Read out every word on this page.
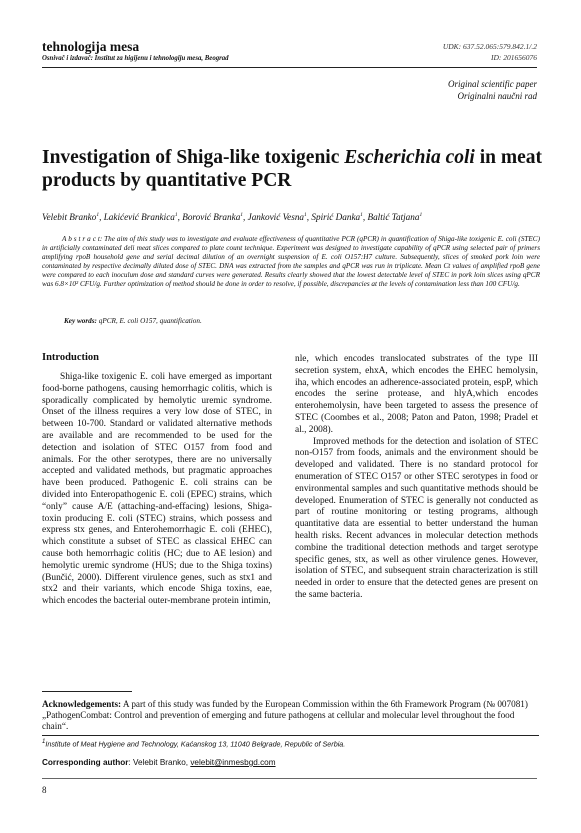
tehnologija mesa
Osnivač i izdavač: Institut za higijenu i tehnologiju mesa, Beograd
UDK: 637.52.065:579.842.1/.2
ID: 201656076
Original scientific paper
Originalni naučni rad
Investigation of Shiga-like toxigenic Escherichia coli in meat products by quantitative PCR
Velebit Branko$^1$, Lakićević Brankica$^1$, Borović Branka$^1$, Janković Vesna$^1$, Spirić Danka$^1$, Baltić Tatjana$^1$
A b s t r a c t: The aim of this study was to investigate and evaluate effectiveness of quantitative PCR (qPCR) in quantification of Shiga-like toxigenic E. coli (STEC) in artificially contaminated deli meat slices compared to plate count technique. Experiment was designed to investigate capability of qPCR using selected pair of primers amplifying rpoB household gene and serial decimal dilution of an overnight suspension of E. coli O157:H7 culture. Subsequently, slices of smoked pork loin were contaminated by respective decimally diluted dose of STEC. DNA was extracted from the samples and qPCR was run in triplicate. Mean Ct values of amplified rpoB gene were compared to each inoculum dose and standard curves were generated. Results clearly showed that the lowest detectable level of STEC in pork loin slices using qPCR was 6.8×10² CFU/g. Further optimization of method should be done in order to resolve, if possible, discrepancies at the levels of contamination less than 100 CFU/g.
Key words: qPCR, E. coli O157, quantification.
Introduction

Shiga-like toxigenic E. coli have emerged as important food-borne pathogens, causing hemorrhagic colitis, which is sporadically complicated by hemolytic uremic syndrome. Onset of the illness requires a very low dose of STEC, in between 10-700. Standard or validated alternative methods are available and are recommended to be used for the detection and isolation of STEC O157 from food and animals. For the other serotypes, there are no universally accepted and validated methods, but pragmatic approaches have been produced. Pathogenic E. coli strains can be divided into Enteropathogenic E. coli (EPEC) strains, which “only” cause A/E (attaching-and-effacing) lesions, Shiga-toxin producing E. coli (STEC) strains, which possess and express stx genes, and Enterohemorrhagic E. coli (EHEC), which constitute a subset of STEC as classical EHEC can cause both hemorrhagic colitis (HC; due to AE lesion) and hemolytic uremic syndrome (HUS; due to the Shiga toxins) (Bunčić, 2000). Different virulence genes, such as stx1 and stx2 and their variants, which encode Shiga toxins, eae, which encodes the bacterial outer-membrane protein intimin,

nle, which encodes translocated substrates of the type III secretion system, ehxA, which encodes the EHEC hemolysin, iha, which encodes an adherence-associated protein, espP, which encodes the serine protease, and hlyA,which encodes enterohemolysin, have been targeted to assess the presence of STEC (Coombes et al., 2008; Paton and Paton, 1998; Pradel et al., 2008).

Improved methods for the detection and isolation of STEC non-O157 from foods, animals and the environment should be developed and validated. There is no standard protocol for enumeration of STEC O157 or other STEC serotypes in food or environmental samples and such quantitative methods should be developed. Enumeration of STEC is generally not conducted as part of routine monitoring or testing programs, although quantitative data are essential to better understand the human health risks. Recent advances in molecular detection methods combine the traditional detection methods and target serotype specific genes, stx, as well as other virulence genes. However, isolation of STEC, and subsequent strain characterization is still needed in order to ensure that the detected genes are present on the same bacteria.

Acknowledgements: A part of this study was funded by the European Commission within the 6th Framework Program (№ 007081) „PathogenCombat: Control and prevention of emerging and future pathogens at cellular and molecular level throughout the food chain“.
$^1$Institute of Meat Hygiene and Technology, Kaćanskog 13, 11040 Belgrade, Republic of Serbia.
Corresponding author: Velebit Branko, velebit@inmesbgd.com
8
